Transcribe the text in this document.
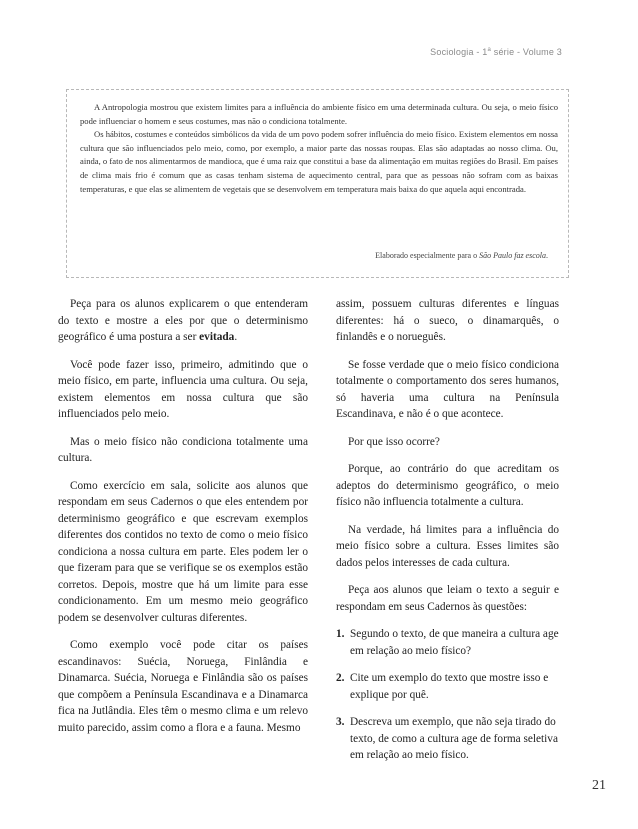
Sociologia - 1$^a$ série - Volume 3

A Antropologia mostrou que existem limites para a influência do ambiente físico em uma determinada cultura. Ou seja, o meio físico pode influenciar o homem e seus costumes, mas não o condiciona totalmente.

Os hábitos, costumes e conteúdos simbólicos da vida de um povo podem sofrer influência do meio físico. Existem elementos em nossa cultura que são influenciados pelo meio, como, por exemplo, a maior parte das nossas roupas. Elas são adaptadas ao nosso clima. Ou, ainda, o fato de nos alimentarmos de mandioca, que é uma raiz que constitui a base da alimentação em muitas regiões do Brasil. Em países de clima mais frio é comum que as casas tenham sistema de aquecimento central, para que as pessoas não sofram com as baixas temperaturas, e que elas se alimentem de vegetais que se desenvolvem em temperatura mais baixa do que aquela aqui encontrada.

Elaborado especialmente para o São Paulo faz escola.

Peça para os alunos explicarem o que entenderam do texto e mostre a eles por que o determinismo geográfico é uma postura a ser evitada.

Você pode fazer isso, primeiro, admitindo que o meio físico, em parte, influencia uma cultura. Ou seja, existem elementos em nossa cultura que são influenciados pelo meio.

Mas o meio físico não condiciona totalmente uma cultura.

Como exercício em sala, solicite aos alunos que respondam em seus Cadernos o que eles entendem por determinismo geográfico e que escrevam exemplos diferentes dos contidos no texto de como o meio físico condiciona a nossa cultura em parte. Eles podem ler o que fizeram para que se verifique se os exemplos estão corretos. Depois, mostre que há um limite para esse condicionamento. Em um mesmo meio geográfico podem se desenvolver culturas diferentes.

Como exemplo você pode citar os países escandinavos: Suécia, Noruega, Finlândia e Dinamarca. Suécia, Noruega e Finlândia são os países que compõem a Península Escandinava e a Dinamarca fica na Jutlândia. Eles têm o mesmo clima e um relevo muito parecido, assim como a flora e a fauna. Mesmo

assim, possuem culturas diferentes e línguas diferentes: há o sueco, o dinamarquês, o finlandês e o norueguês.

Se fosse verdade que o meio físico condiciona totalmente o comportamento dos seres humanos, só haveria uma cultura na Península Escandinava, e não é o que acontece.

Por que isso ocorre?

Porque, ao contrário do que acreditam os adeptos do determinismo geográfico, o meio físico não influencia totalmente a cultura.

Na verdade, há limites para a influência do meio físico sobre a cultura. Esses limites são dados pelos interesses de cada cultura.

Peça aos alunos que leiam o texto a seguir e respondam em seus Cadernos às questões:

1. Segundo o texto, de que maneira a cultura age em relação ao meio físico?
2. Cite um exemplo do texto que mostre isso e explique por quê.
3. Descreva um exemplo, que não seja tirado do texto, de como a cultura age de forma seletiva em relação ao meio físico.
21
